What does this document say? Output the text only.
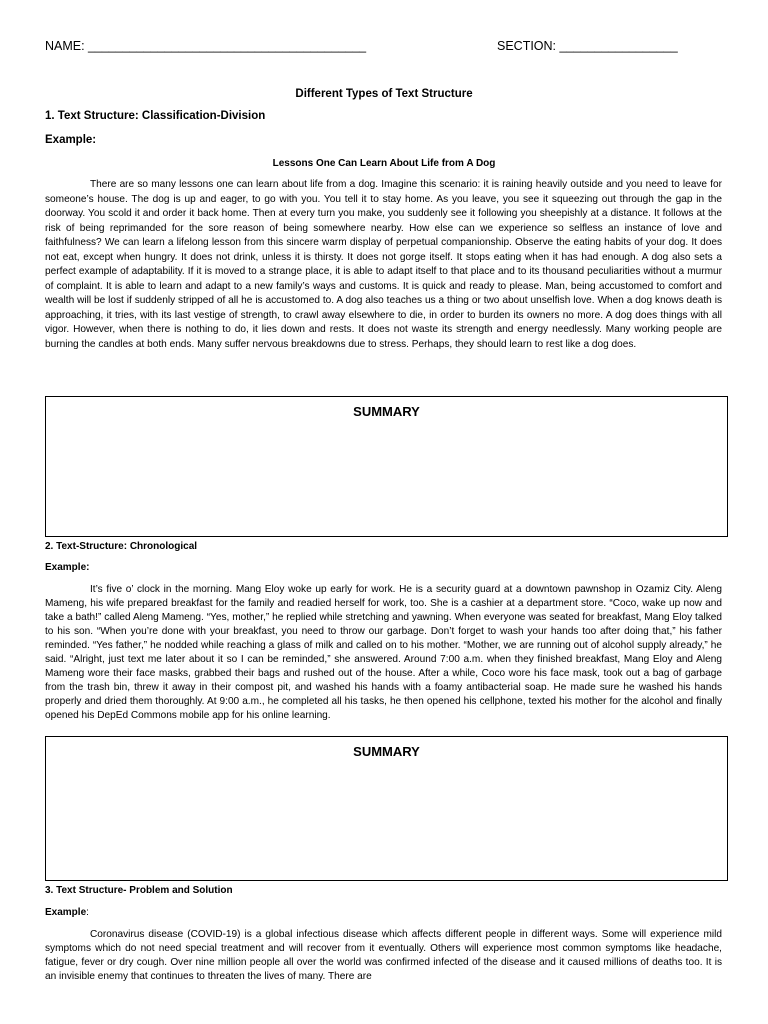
NAME: ________________________________________	SECTION: _________________
Different Types of Text Structure
1. Text Structure: Classification-Division
Example:
Lessons One Can Learn About Life from A Dog

There are so many lessons one can learn about life from a dog. Imagine this scenario: it is raining heavily outside and you need to leave for someone’s house. The dog is up and eager, to go with you. You tell it to stay home. As you leave, you see it squeezing out through the gap in the doorway. You scold it and order it back home. Then at every turn you make, you suddenly see it following you sheepishly at a distance. It follows at the risk of being reprimanded for the sore reason of being somewhere nearby. How else can we experience so selfless an instance of love and faithfulness? We can learn a lifelong lesson from this sincere warm display of perpetual companionship. Observe the eating habits of your dog. It does not eat, except when hungry. It does not drink, unless it is thirsty. It does not gorge itself. It stops eating when it has had enough. A dog also sets a perfect example of adaptability. If it is moved to a strange place, it is able to adapt itself to that place and to its thousand peculiarities without a murmur of complaint. It is able to learn and adapt to a new family’s ways and customs. It is quick and ready to please. Man, being accustomed to comfort and wealth will be lost if suddenly stripped of all he is accustomed to. A dog also teaches us a thing or two about unselfish love. When a dog knows death is approaching, it tries, with its last vestige of strength, to crawl away elsewhere to die, in order to burden its owners no more. A dog does things with all vigor. However, when there is nothing to do, it lies down and rests. It does not waste its strength and energy needlessly. Many working people are burning the candles at both ends. Many suffer nervous breakdowns due to stress. Perhaps, they should learn to rest like a dog does.

SUMMARY
2. Text-Structure: Chronological
Example:

It’s five o’ clock in the morning. Mang Eloy woke up early for work. He is a security guard at a downtown pawnshop in Ozamiz City. Aleng Mameng, his wife prepared breakfast for the family and readied herself for work, too. She is a cashier at a department store. “Coco, wake up now and take a bath!” called Aleng Mameng. “Yes, mother,” he replied while stretching and yawning. When everyone was seated for breakfast, Mang Eloy talked to his son. “When you’re done with your breakfast, you need to throw our garbage. Don’t forget to wash your hands too after doing that,” his father reminded. “Yes father,” he nodded while reaching a glass of milk and called on to his mother. “Mother, we are running out of alcohol supply already,” he said. “Alright, just text me later about it so I can be reminded,” she answered. Around 7:00 a.m. when they finished breakfast, Mang Eloy and Aleng Mameng wore their face masks, grabbed their bags and rushed out of the house. After a while, Coco wore his face mask, took out a bag of garbage from the trash bin, threw it away in their compost pit, and washed his hands with a foamy antibacterial soap. He made sure he washed his hands properly and dried them thoroughly. At 9:00 a.m., he completed all his tasks, he then opened his cellphone, texted his mother for the alcohol and finally opened his DepEd Commons mobile app for his online learning.

SUMMARY
3. Text Structure- Problem and Solution
Example:

Coronavirus disease (COVID-19) is a global infectious disease which affects different people in different ways. Some will experience mild symptoms which do not need special treatment and will recover from it eventually. Others will experience most common symptoms like headache, fatigue, fever or dry cough. Over nine million people all over the world was confirmed infected of the disease and it caused millions of deaths too. It is an invisible enemy that continues to threaten the lives of many. There are
